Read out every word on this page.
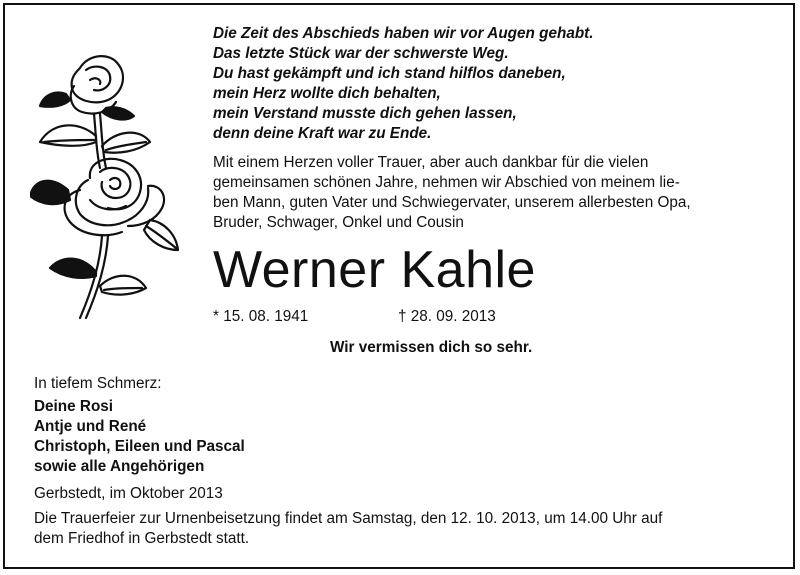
Die Zeit des Abschieds haben wir vor Augen gehabt.
Das letzte Stück war der schwerste Weg.
Du hast gekämpft und ich stand hilflos daneben,
mein Herz wollte dich behalten,
mein Verstand musste dich gehen lassen,
denn deine Kraft war zu Ende.
Mit einem Herzen voller Trauer, aber auch dankbar für die vielen
gemeinsamen schönen Jahre, nehmen wir Abschied von meinem lie-
ben Mann, guten Vater und Schwiegervater, unserem allerbesten Opa,
Bruder, Schwager, Onkel und Cousin
Werner Kahle
* 15. 08. 1941	† 28. 09. 2013
Wir vermissen dich so sehr.
In tiefem Schmerz:
Deine Rosi
Antje und René
Christoph, Eileen und Pascal
sowie alle Angehörigen
Gerbstedt, im Oktober 2013
Die Trauerfeier zur Urnenbeisetzung findet am Samstag, den 12. 10. 2013, um 14.00 Uhr auf
dem Friedhof in Gerbstedt statt.
